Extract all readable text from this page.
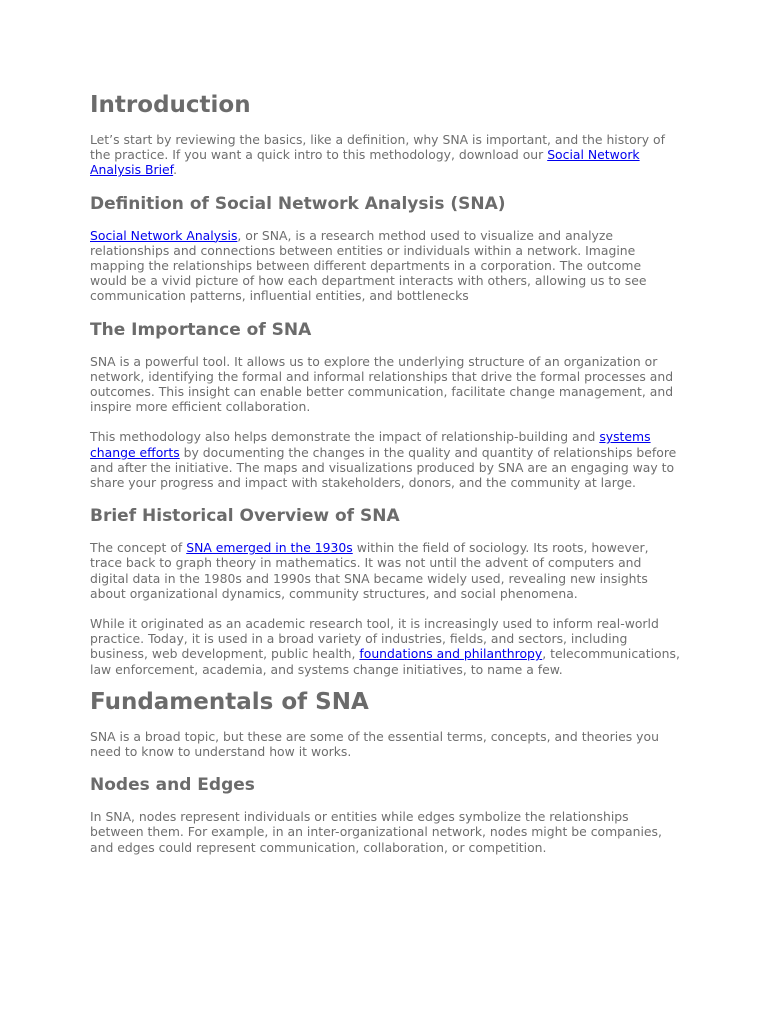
Introduction

Let’s start by reviewing the basics, like a definition, why SNA is important, and the history of the practice. If you want a quick intro to this methodology, download our Social Network Analysis Brief.

Definition of Social Network Analysis (SNA)

Social Network Analysis, or SNA, is a research method used to visualize and analyze relationships and connections between entities or individuals within a network. Imagine mapping the relationships between different departments in a corporation. The outcome would be a vivid picture of how each department interacts with others, allowing us to see communication patterns, influential entities, and bottlenecks

The Importance of SNA

SNA is a powerful tool. It allows us to explore the underlying structure of an organization or network, identifying the formal and informal relationships that drive the formal processes and outcomes. This insight can enable better communication, facilitate change management, and inspire more efficient collaboration.

This methodology also helps demonstrate the impact of relationship-building and systems change efforts by documenting the changes in the quality and quantity of relationships before and after the initiative. The maps and visualizations produced by SNA are an engaging way to share your progress and impact with stakeholders, donors, and the community at large.

Brief Historical Overview of SNA

The concept of SNA emerged in the 1930s within the field of sociology. Its roots, however, trace back to graph theory in mathematics. It was not until the advent of computers and digital data in the 1980s and 1990s that SNA became widely used, revealing new insights about organizational dynamics, community structures, and social phenomena.

While it originated as an academic research tool, it is increasingly used to inform real-world practice. Today, it is used in a broad variety of industries, fields, and sectors, including business, web development, public health, foundations and philanthropy, telecommunications, law enforcement, academia, and systems change initiatives, to name a few.

Fundamentals of SNA

SNA is a broad topic, but these are some of the essential terms, concepts, and theories you need to know to understand how it works.

Nodes and Edges

In SNA, nodes represent individuals or entities while edges symbolize the relationships between them. For example, in an inter-organizational network, nodes might be companies, and edges could represent communication, collaboration, or competition.
